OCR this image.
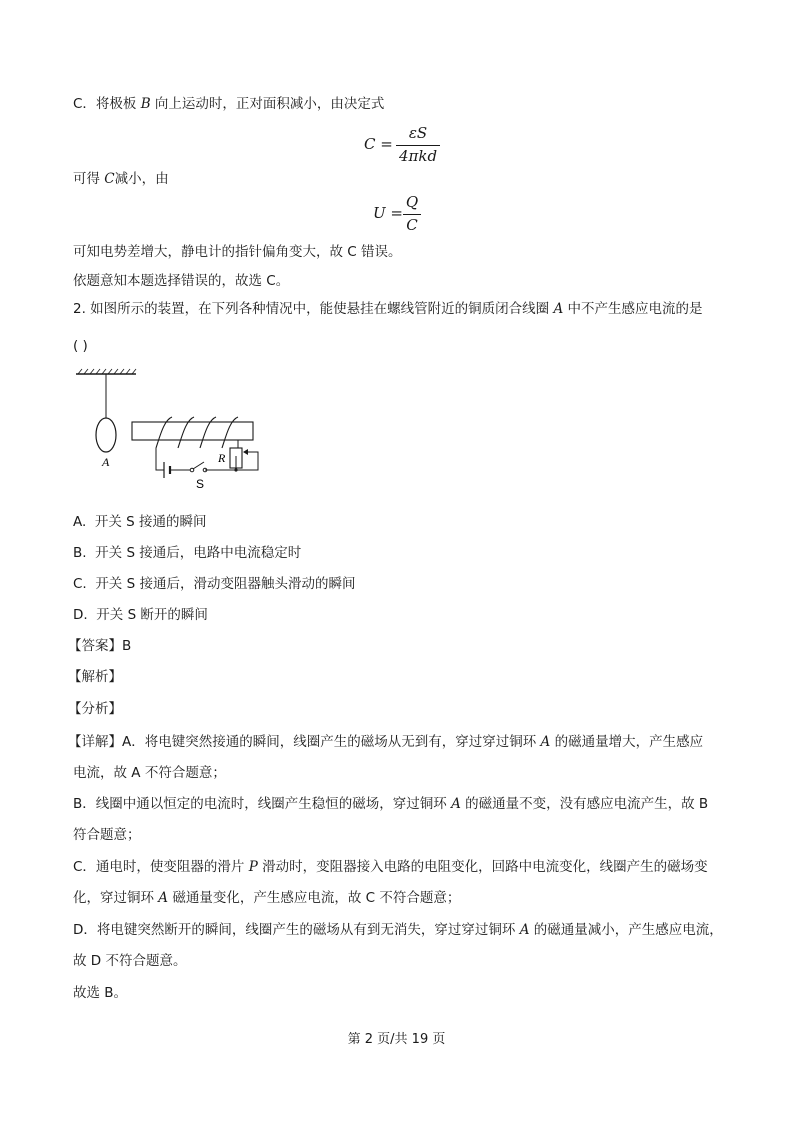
C．将极板 B 向上运动时，正对面积减小，由决定式
C =
εS
4πkd
可得 C减小，由
U =
Q
C
可知电势差增大，静电计的指针偏角变大，故 C 错误。
依题意知本题选择错误的，故选 C。
2. 如图所示的装置，在下列各种情况中，能使悬挂在螺线管附近的铜质闭合线圈 A 中不产生感应电流的是
( )
A
S
R
A. 开关 S 接通的瞬间
B. 开关 S 接通后，电路中电流稳定时
C. 开关 S 接通后，滑动变阻器触头滑动的瞬间
D. 开关 S 断开的瞬间
【答案】B
【解析】
【分析】
【详解】A．将电键突然接通的瞬间，线圈产生的磁场从无到有，穿过穿过铜环 A 的磁通量增大，产生感应
电流，故 A 不符合题意；
B．线圈中通以恒定的电流时，线圈产生稳恒的磁场，穿过铜环 A 的磁通量不变，没有感应电流产生，故 B
符合题意；
C．通电时，使变阻器的滑片 P 滑动时，变阻器接入电路的电阻变化，回路中电流变化，线圈产生的磁场变
化，穿过铜环 A 磁通量变化，产生感应电流，故 C 不符合题意；
D．将电键突然断开的瞬间，线圈产生的磁场从有到无消失，穿过穿过铜环 A 的磁通量减小，产生感应电流，
故 D 不符合题意。
故选 B。
第 2 页/共 19 页
